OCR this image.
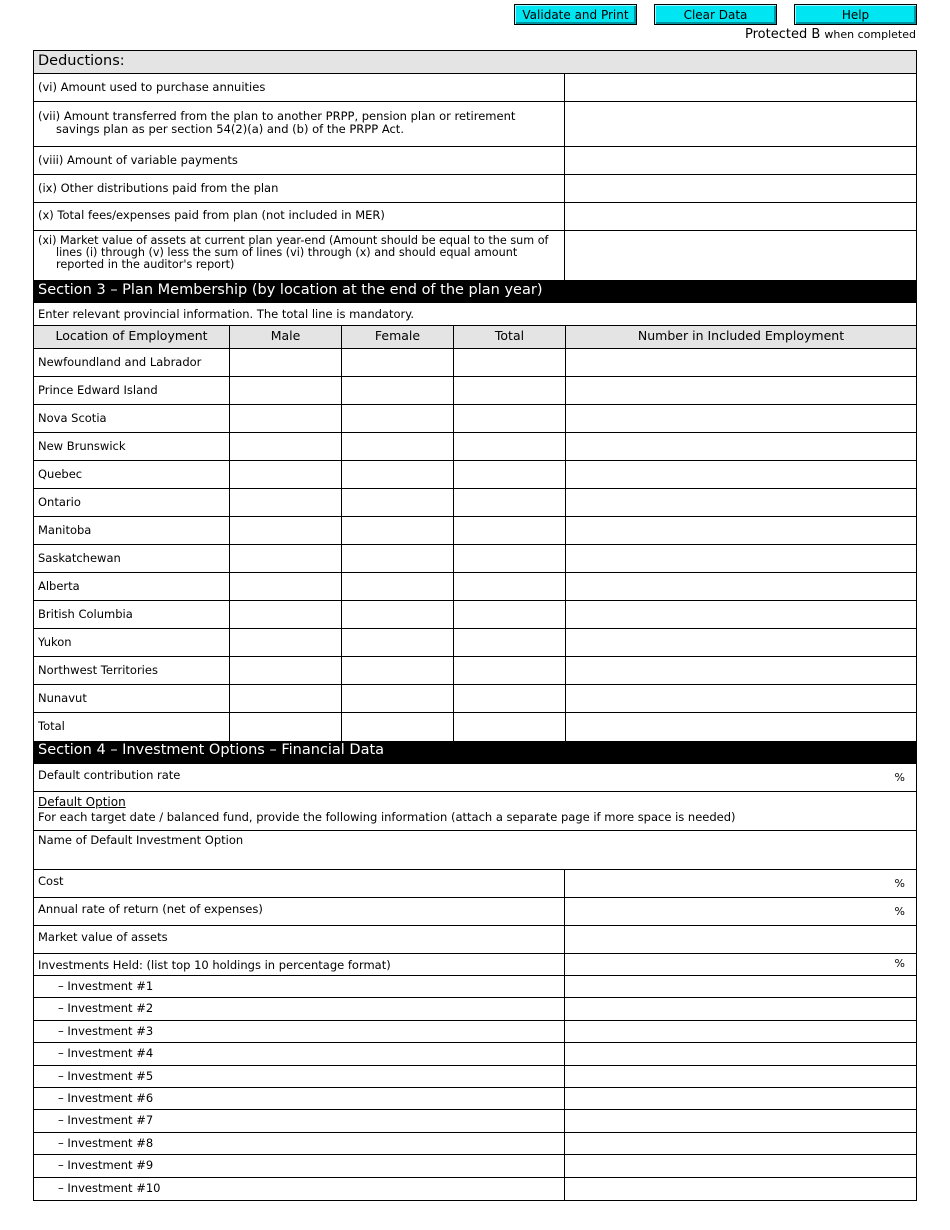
Validate and Print	Clear Data	Help
Protected B when completed
Deductions:
(vi) Amount used to purchase annuities
(vii) Amount transferred from the plan to another PRPP, pension plan or retirement savings plan as per section 54(2)(a) and (b) of the PRPP Act.
(viii) Amount of variable payments
(ix) Other distributions paid from the plan
(x) Total fees/expenses paid from plan (not included in MER)
(xi) Market value of assets at current plan year-end (Amount should be equal to the sum of lines (i) through (v) less the sum of lines (vi) through (x) and should equal amount reported in the auditor's report)
Section 3 – Plan Membership (by location at the end of the plan year)
Enter relevant provincial information. The total line is mandatory.
Location of Employment	Male	Female	Total	Number in Included Employment
Newfoundland and Labrador
Prince Edward Island
Nova Scotia
New Brunswick
Quebec
Ontario
Manitoba
Saskatchewan
Alberta
British Columbia
Yukon
Northwest Territories
Nunavut
Total
Section 4 – Investment Options – Financial Data
Default contribution rate	%
Default Option
For each target date / balanced fund, provide the following information (attach a separate page if more space is needed)
Name of Default Investment Option
Cost	%
Annual rate of return (net of expenses)	%
Market value of assets
Investments Held: (list top 10 holdings in percentage format)	%
– Investment #1
– Investment #2
– Investment #3
– Investment #4
– Investment #5
– Investment #6
– Investment #7
– Investment #8
– Investment #9
– Investment #10
